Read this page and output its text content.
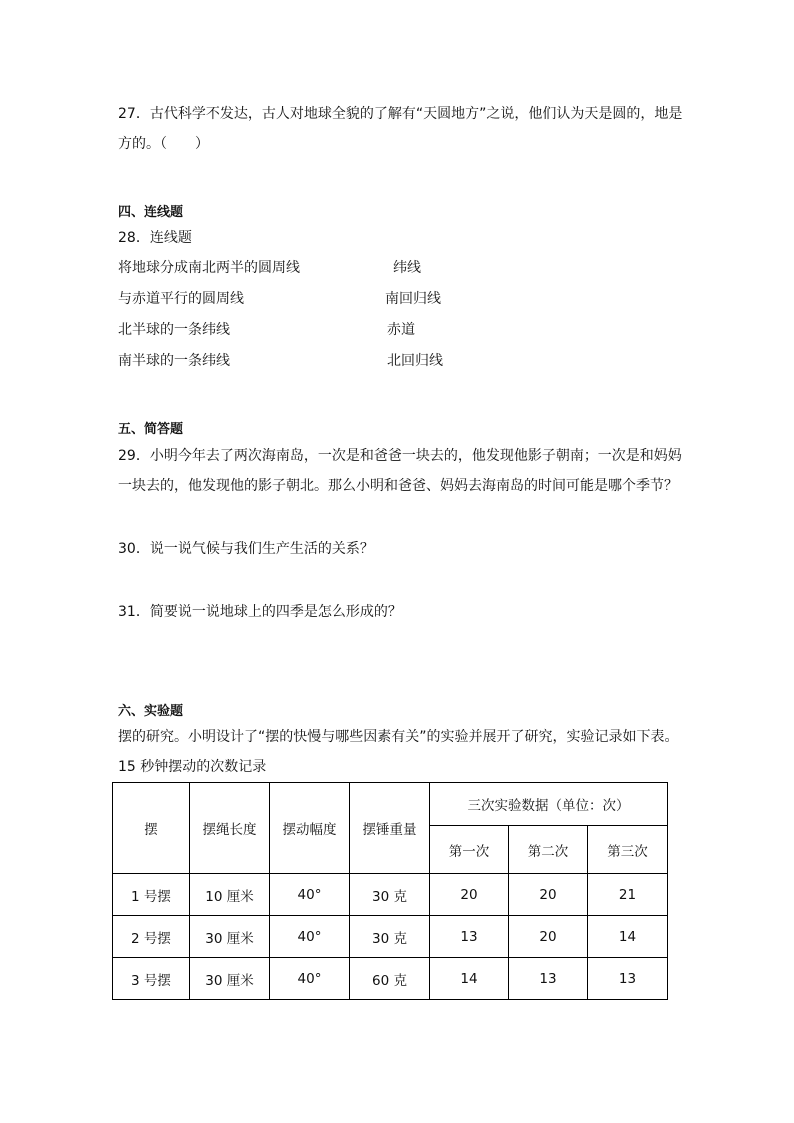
27．古代科学不发达，古人对地球全貌的了解有“天圆地方”之说，他们认为天是圆的，地是
方的。（　　）
四、连线题
28．连线题
将地球分成南北两半的圆周线	纬线
与赤道平行的圆周线	南回归线
北半球的一条纬线	赤道
南半球的一条纬线	北回归线
五、简答题
29．小明今年去了两次海南岛，一次是和爸爸一块去的，他发现他影子朝南；一次是和妈妈
一块去的，他发现他的影子朝北。那么小明和爸爸、妈妈去海南岛的时间可能是哪个季节？
30．说一说气候与我们生产生活的关系？
31．简要说一说地球上的四季是怎么形成的？
六、实验题
摆的研究。小明设计了“摆的快慢与哪些因素有关”的实验并展开了研究，实验记录如下表。
15 秒钟摆动的次数记录
摆	摆绳长度	摆动幅度	摆锤重量	三次实验数据（单位：次）		
				第一次	第二次	第三次
1 号摆	10 厘米	40°	30 克	20	20	21
2 号摆	30 厘米	40°	30 克	13	20	14
3 号摆	30 厘米	40°	60 克	14	13	13
